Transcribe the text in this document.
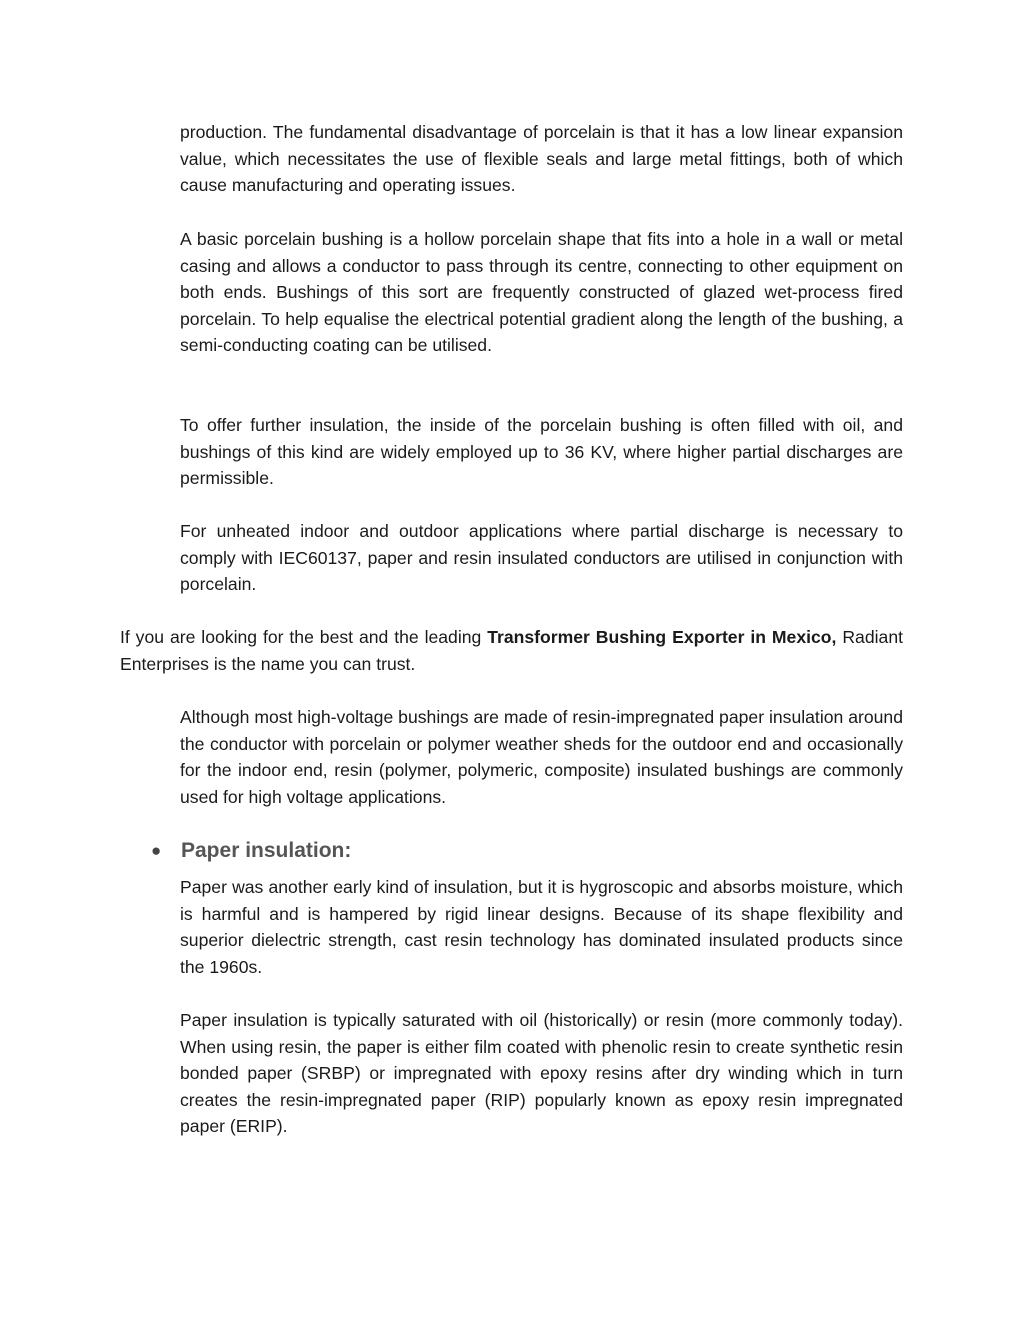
production. The fundamental disadvantage of porcelain is that it has a low linear expansion value, which necessitates the use of flexible seals and large metal fittings, both of which cause manufacturing and operating issues.

A basic porcelain bushing is a hollow porcelain shape that fits into a hole in a wall or metal casing and allows a conductor to pass through its centre, connecting to other equipment on both ends. Bushings of this sort are frequently constructed of glazed wet-process fired porcelain. To help equalise the electrical potential gradient along the length of the bushing, a semi-conducting coating can be utilised.

To offer further insulation, the inside of the porcelain bushing is often filled with oil, and bushings of this kind are widely employed up to 36 KV, where higher partial discharges are permissible.

For unheated indoor and outdoor applications where partial discharge is necessary to comply with IEC60137, paper and resin insulated conductors are utilised in conjunction with porcelain.

If you are looking for the best and the leading Transformer Bushing Exporter in Mexico, Radiant Enterprises is the name you can trust.

Although most high-voltage bushings are made of resin-impregnated paper insulation around the conductor with porcelain or polymer weather sheds for the outdoor end and occasionally for the indoor end, resin (polymer, polymeric, composite) insulated bushings are commonly used for high voltage applications.

● Paper insulation:

Paper was another early kind of insulation, but it is hygroscopic and absorbs moisture, which is harmful and is hampered by rigid linear designs. Because of its shape flexibility and superior dielectric strength, cast resin technology has dominated insulated products since the 1960s.

Paper insulation is typically saturated with oil (historically) or resin (more commonly today). When using resin, the paper is either film coated with phenolic resin to create synthetic resin bonded paper (SRBP) or impregnated with epoxy resins after dry winding which in turn creates the resin-impregnated paper (RIP) popularly known as epoxy resin impregnated paper (ERIP).
